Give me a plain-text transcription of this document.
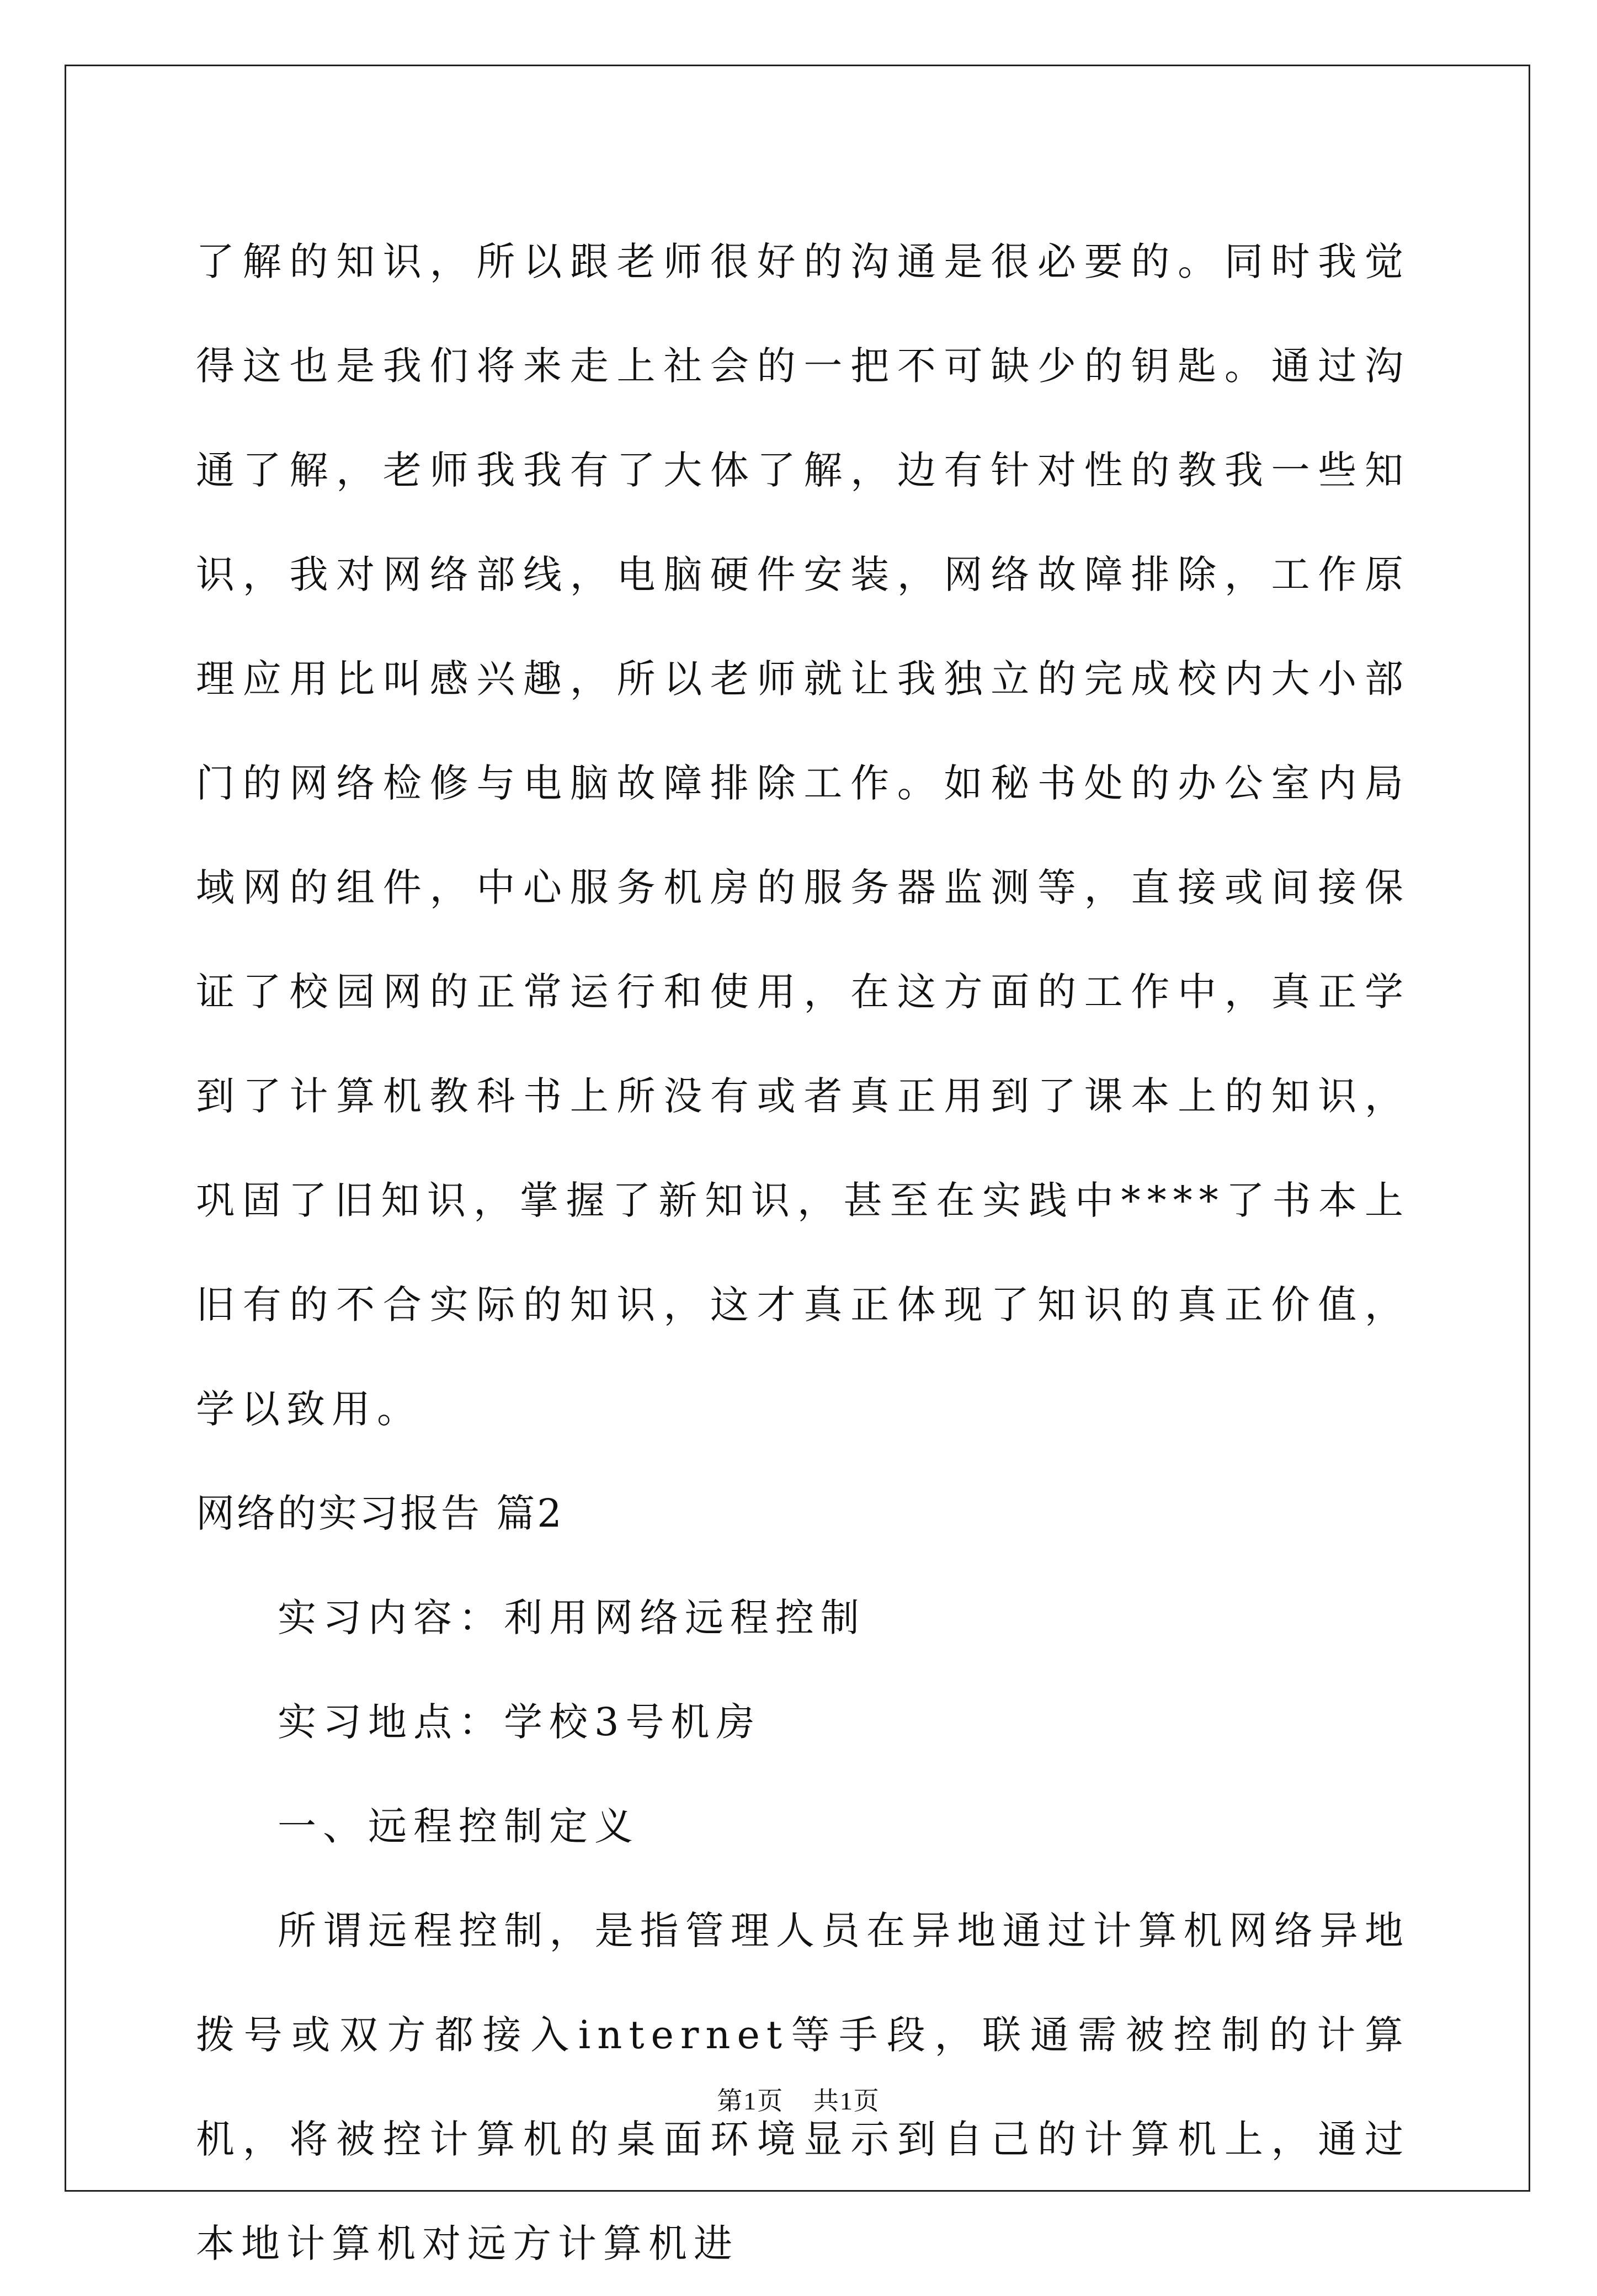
了解的知识，所以跟老师很好的沟通是很必要的。同时我觉得这也是我们将来走上社会的一把不可缺少的钥匙。通过沟通了解，老师我我有了大体了解，边有针对性的教我一些知识，我对网络部线，电脑硬件安装，网络故障排除，工作原理应用比叫感兴趣，所以老师就让我独立的完成校内大小部门的网络检修与电脑故障排除工作。如秘书处的办公室内局域网的组件，中心服务机房的服务器监测等，直接或间接保证了校园网的正常运行和使用，在这方面的工作中，真正学到了计算机教科书上所没有或者真正用到了课本上的知识，巩固了旧知识，掌握了新知识，甚至在实践中****了书本上旧有的不合实际的知识，这才真正体现了知识的真正价值，学以致用。

网络的实习报告 篇2

实习内容：利用网络远程控制

实习地点：学校3号机房

一、远程控制定义

所谓远程控制，是指管理人员在异地通过计算机网络异地拨号或双方都接入internet等手段，联通需被控制的计算机，将被控计算机的桌面环境显示到自己的计算机上，通过本地计算机对远方计算机进

第1页 共1页
